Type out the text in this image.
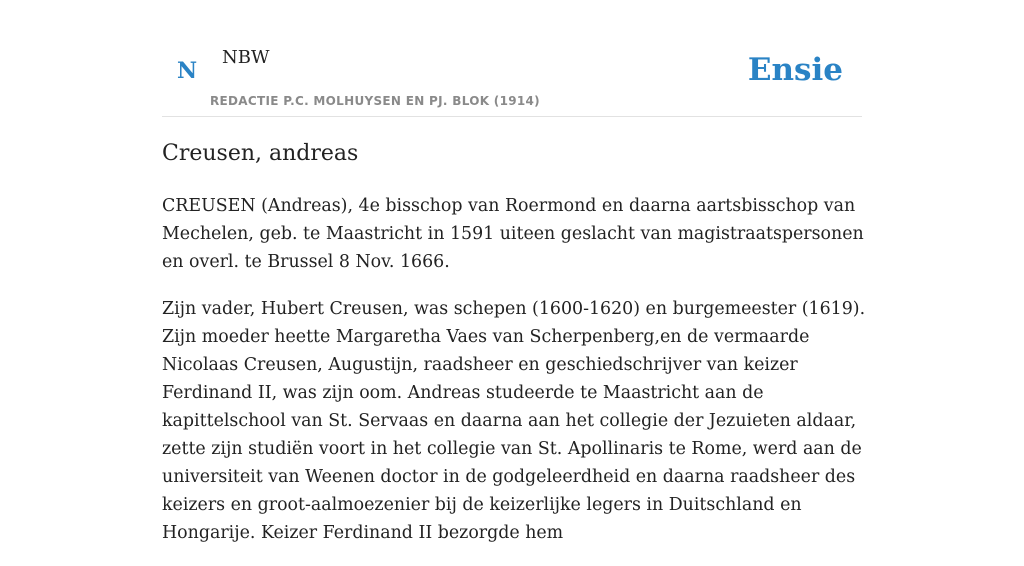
N
NBW
REDACTIE P.C. MOLHUYSEN EN PJ. BLOK (1914)
Ensie
Creusen, andreas

CREUSEN (Andreas), 4e bisschop van Roermond en daarna aartsbisschop van Mechelen, geb. te Maastricht in 1591 uiteen geslacht van magistraatspersonen en overl. te Brussel 8 Nov. 1666.

Zijn vader, Hubert Creusen, was schepen (1600-1620) en burgemeester (1619). Zijn moeder heette Margaretha Vaes van Scherpenberg,en de vermaarde Nicolaas Creusen, Augustijn, raadsheer en geschiedschrijver van keizer Ferdinand II, was zijn oom. Andreas studeerde te Maastricht aan de kapittelschool van St. Servaas en daarna aan het collegie der Jezuieten aldaar, zette zijn studiën voort in het collegie van St. Apollinaris te Rome, werd aan de universiteit van Weenen doctor in de godgeleerdheid en daarna raadsheer des keizers en groot-aalmoezenier bij de keizerlijke legers in Duitschland en Hongarije. Keizer Ferdinand II bezorgde hem
